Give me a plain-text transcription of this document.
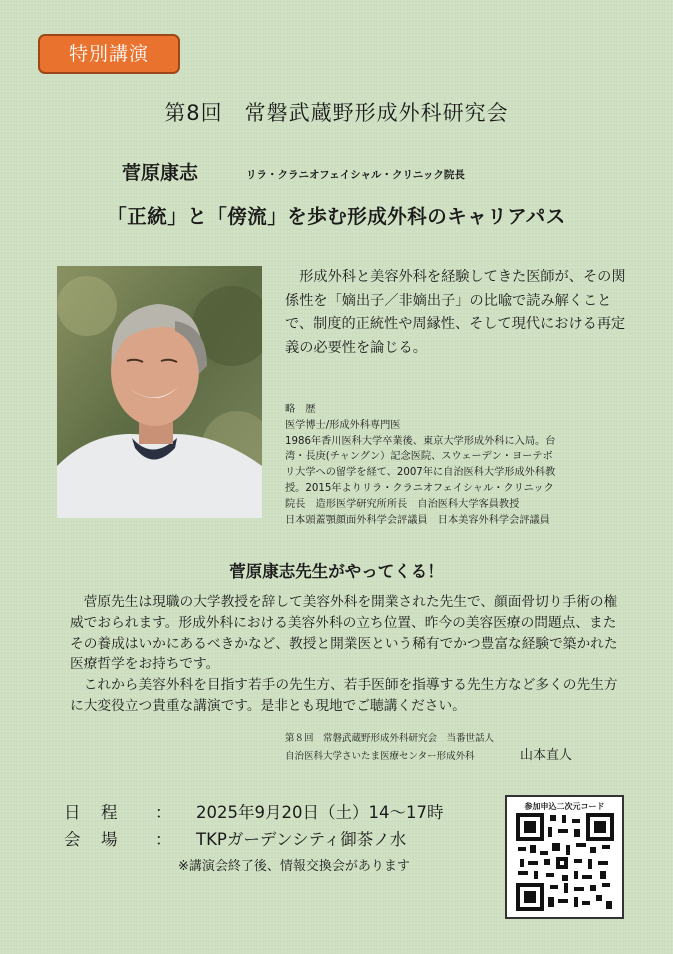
特別講演
第8回　常磐武蔵野形成外科研究会
菅原康志	リラ・クラニオフェイシャル・クリニック院長
「正統」と「傍流」を歩む形成外科のキャリアパス
形成外科と美容外科を経験してきた医師が、その関係性を「嫡出子／非嫡出子」の比喩で読み解くことで、制度的正統性や周縁性、そして現代における再定義の必要性を論じる。
略　歴
医学博士/形成外科専門医
1986年香川医科大学卒業後、東京大学形成外科に入局。台
湾・長庚(チャングン）記念医院、スウェーデン・ヨーテボ
リ大学への留学を経て、2007年に自治医科大学形成外科教
授。2015年よりリラ・クラニオフェイシャル・クリニック
院長　造形医学研究所所長　自治医科大学客員教授
日本頭蓋顎顔面外科学会評議員　日本美容外科学会評議員
菅原康志先生がやってくる！

菅原先生は現職の大学教授を辞して美容外科を開業された先生で、顔面骨切り手術の権威でおられます。形成外科における美容外科の立ち位置、昨今の美容医療の問題点、またその養成はいかにあるべきかなど、教授と開業医という稀有でかつ豊富な経験で築かれた医療哲学をお持ちです。

これから美容外科を目指す若手の先生方、若手医師を指導する先生方など多くの先生方に大変役立つ貴重な講演です。是非とも現地でご聴講ください。

第８回　常磐武蔵野形成外科研究会　当番世話人
自治医科大学さいたま医療センター形成外科	山本直人
日　程 ： 2025年9月20日（土）14〜17時
会　場 ： TKPガーデンシティ御茶ノ水
※講演会終了後、情報交換会があります
参加申込二次元コード
